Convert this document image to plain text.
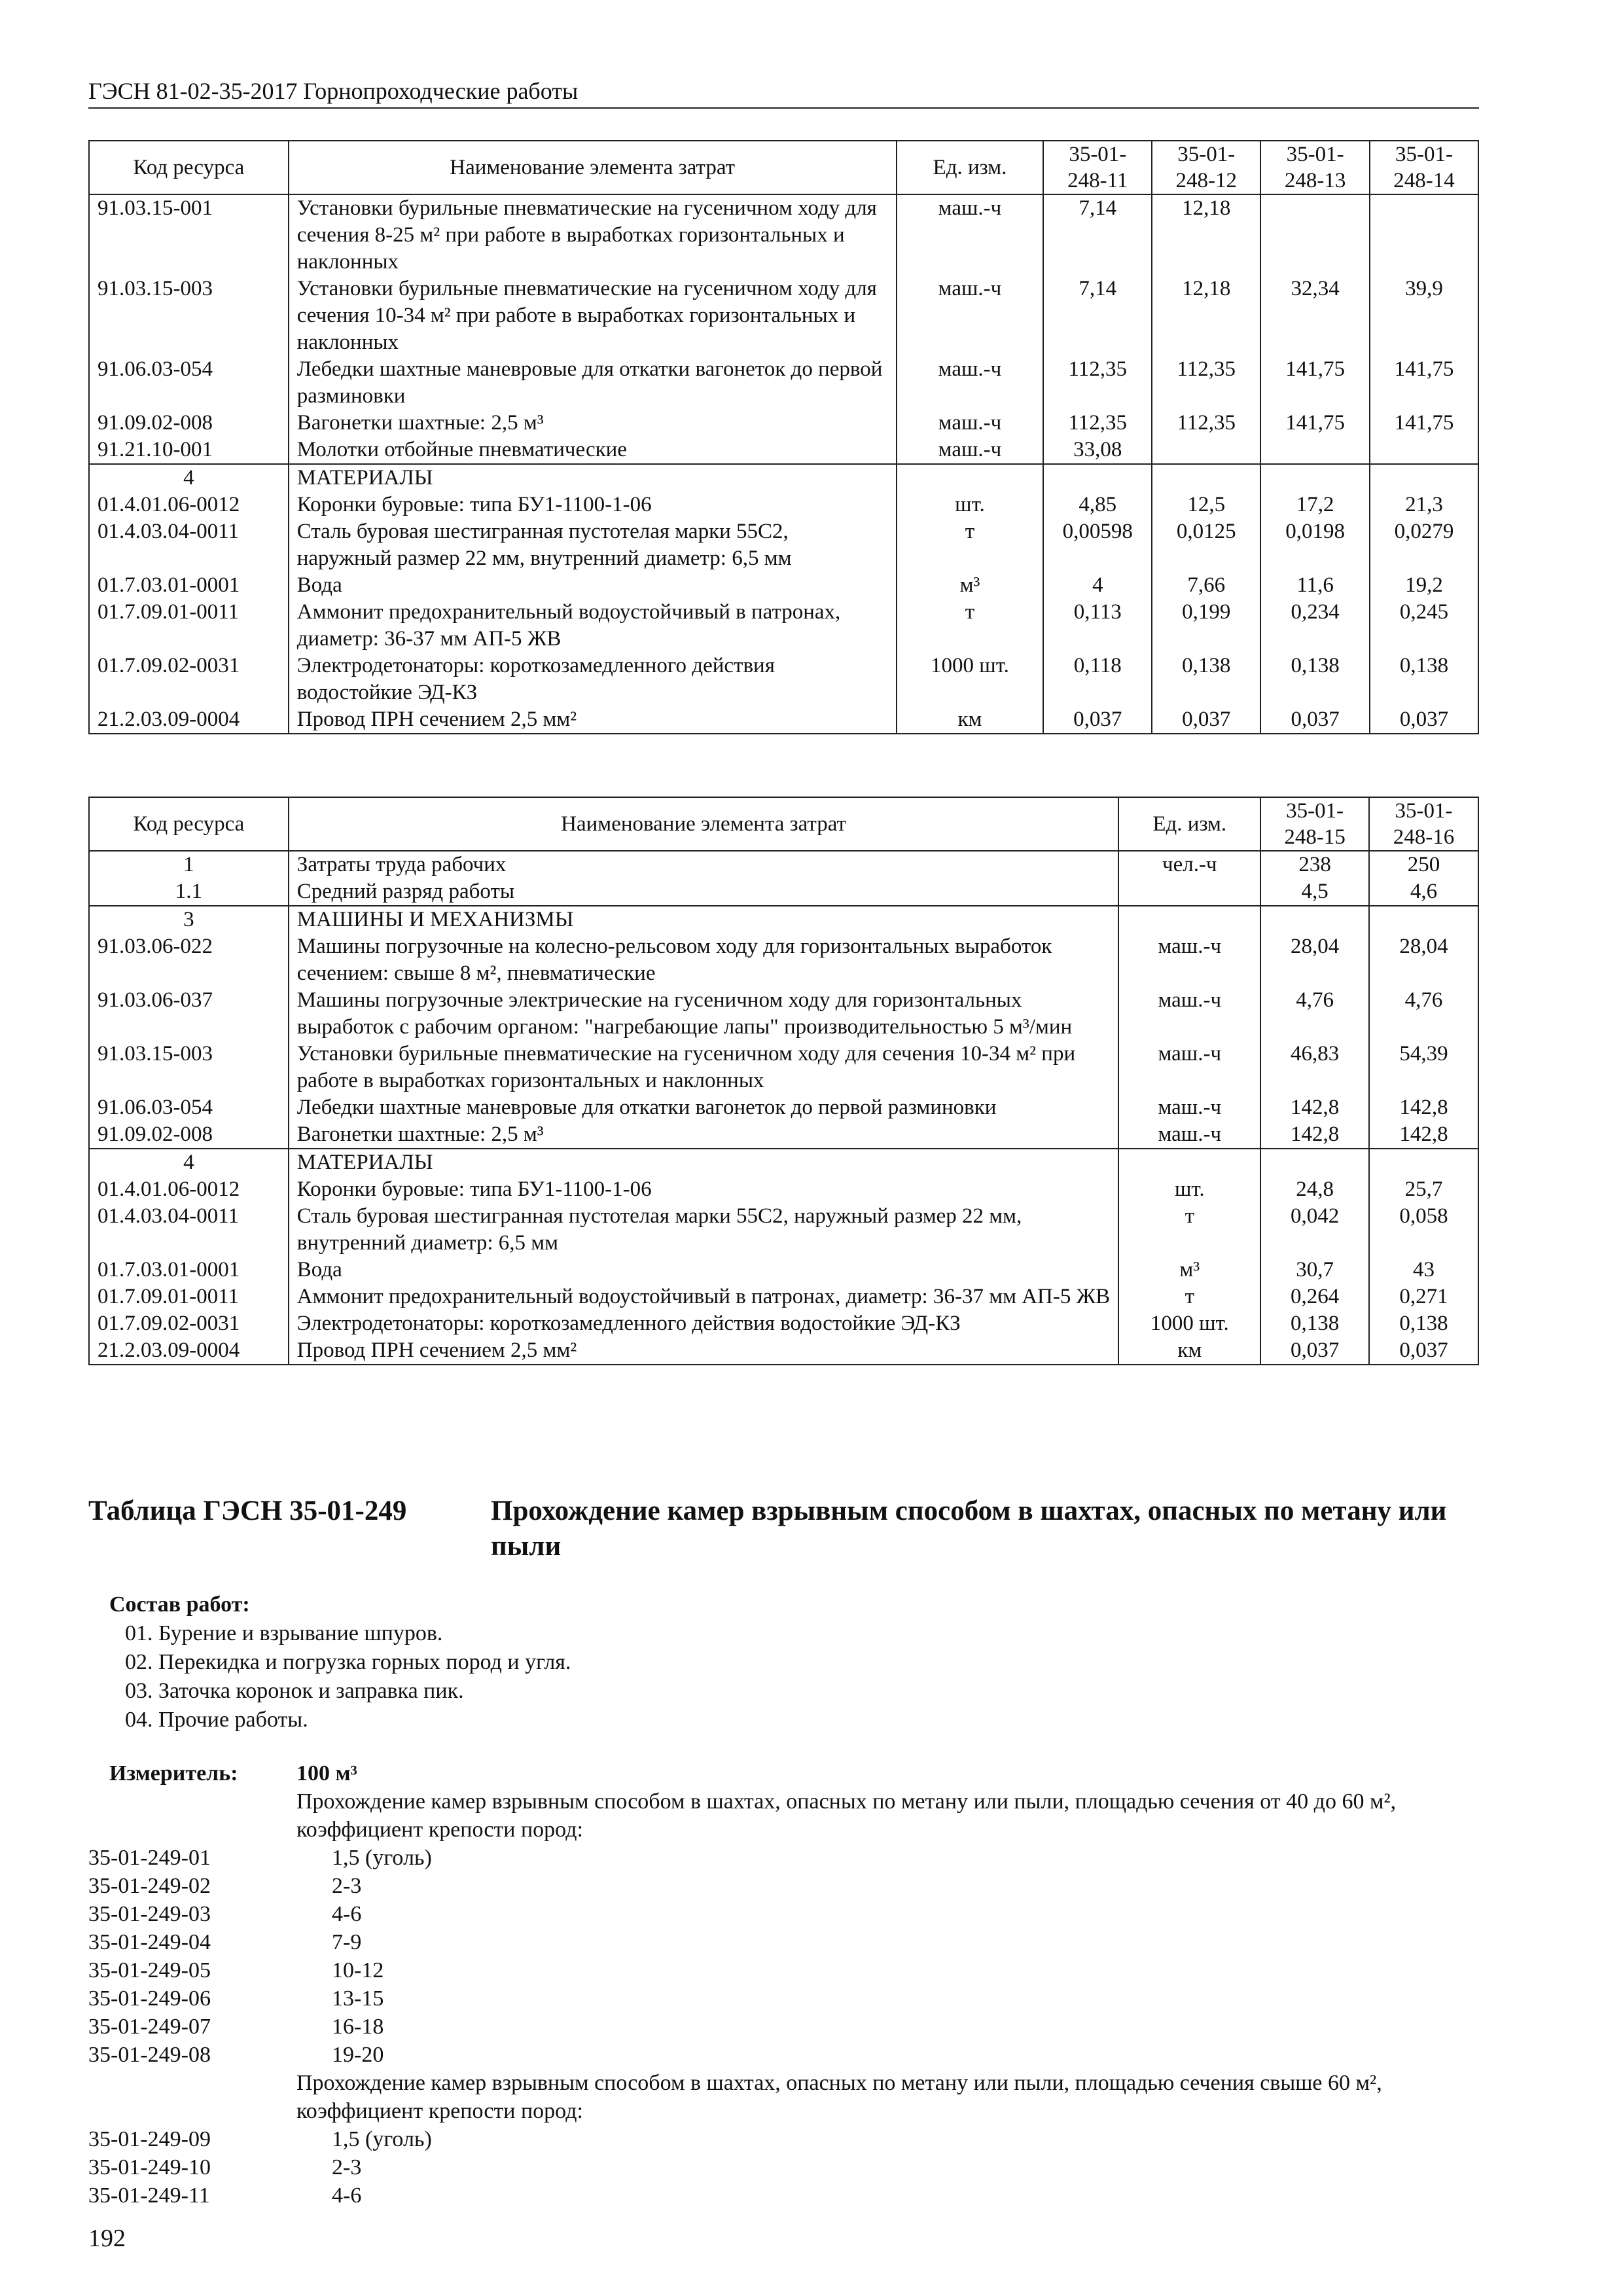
ГЭСН 81-02-35-2017 Горнопроходческие работы
Код ресурса	Наименование элемента затрат	Ед. изм.	35-01-248-11	35-01-248-12	35-01-248-13	35-01-248-14
91.03.15-001	Установки бурильные пневматические на гусеничном ходу для сечения 8-25 м² при работе в выработках горизонтальных и наклонных	маш.-ч	7,14	12,18		
91.03.15-003	Установки бурильные пневматические на гусеничном ходу для сечения 10-34 м² при работе в выработках горизонтальных и наклонных	маш.-ч	7,14	12,18	32,34	39,9
91.06.03-054	Лебедки шахтные маневровые для откатки вагонеток до первой разминовки	маш.-ч	112,35	112,35	141,75	141,75
91.09.02-008	Вагонетки шахтные: 2,5 м³	маш.-ч	112,35	112,35	141,75	141,75
91.21.10-001	Молотки отбойные пневматические	маш.-ч	33,08			
4	МАТЕРИАЛЫ					
01.4.01.06-0012	Коронки буровые: типа БУ1-1100-1-06	шт.	4,85	12,5	17,2	21,3
01.4.03.04-0011	Сталь буровая шестигранная пустотелая марки 55С2, наружный размер 22 мм, внутренний диаметр: 6,5 мм	т	0,00598	0,0125	0,0198	0,0279
01.7.03.01-0001	Вода	м³	4	7,66	11,6	19,2
01.7.09.01-0011	Аммонит предохранительный водоустойчивый в патронах, диаметр: 36-37 мм АП-5 ЖВ	т	0,113	0,199	0,234	0,245
01.7.09.02-0031	Электродетонаторы: короткозамедленного действия водостойкие ЭД-КЗ	1000 шт.	0,118	0,138	0,138	0,138
21.2.03.09-0004	Провод ПРН сечением 2,5 мм²	км	0,037	0,037	0,037	0,037
Код ресурса	Наименование элемента затрат	Ед. изм.	35-01-248-15	35-01-248-16
1	Затраты труда рабочих	чел.-ч	238	250
1.1	Средний разряд работы		4,5	4,6
3	МАШИНЫ И МЕХАНИЗМЫ			
91.03.06-022	Машины погрузочные на колесно-рельсовом ходу для горизонтальных выработок сечением: свыше 8 м², пневматические	маш.-ч	28,04	28,04
91.03.06-037	Машины погрузочные электрические на гусеничном ходу для горизонтальных выработок с рабочим органом: "нагребающие лапы" производительностью 5 м³/мин	маш.-ч	4,76	4,76
91.03.15-003	Установки бурильные пневматические на гусеничном ходу для сечения 10-34 м² при работе в выработках горизонтальных и наклонных	маш.-ч	46,83	54,39
91.06.03-054	Лебедки шахтные маневровые для откатки вагонеток до первой разминовки	маш.-ч	142,8	142,8
91.09.02-008	Вагонетки шахтные: 2,5 м³	маш.-ч	142,8	142,8
4	МАТЕРИАЛЫ			
01.4.01.06-0012	Коронки буровые: типа БУ1-1100-1-06	шт.	24,8	25,7
01.4.03.04-0011	Сталь буровая шестигранная пустотелая марки 55С2, наружный размер 22 мм, внутренний диаметр: 6,5 мм	т	0,042	0,058
01.7.03.01-0001	Вода	м³	30,7	43
01.7.09.01-0011	Аммонит предохранительный водоустойчивый в патронах, диаметр: 36-37 мм АП-5 ЖВ	т	0,264	0,271
01.7.09.02-0031	Электродетонаторы: короткозамедленного действия водостойкие ЭД-КЗ	1000 шт.	0,138	0,138
21.2.03.09-0004	Провод ПРН сечением 2,5 мм²	км	0,037	0,037
Таблица ГЭСН 35-01-249	Прохождение камер взрывным способом в шахтах, опасных по метану или пыли
Состав работ:
01. Бурение и взрывание шпуров.
02. Перекидка и погрузка горных пород и угля.
03. Заточка коронок и заправка пик.
04. Прочие работы.
Измеритель:	100 м³
Прохождение камер взрывным способом в шахтах, опасных по метану или пыли, площадью сечения от 40 до 60 м², коэффициент крепости пород:
35-01-249-01	1,5 (уголь)
35-01-249-02	2-3
35-01-249-03	4-6
35-01-249-04	7-9
35-01-249-05	10-12
35-01-249-06	13-15
35-01-249-07	16-18
35-01-249-08	19-20
Прохождение камер взрывным способом в шахтах, опасных по метану или пыли, площадью сечения свыше 60 м², коэффициент крепости пород:
35-01-249-09	1,5 (уголь)
35-01-249-10	2-3
35-01-249-11	4-6
192
